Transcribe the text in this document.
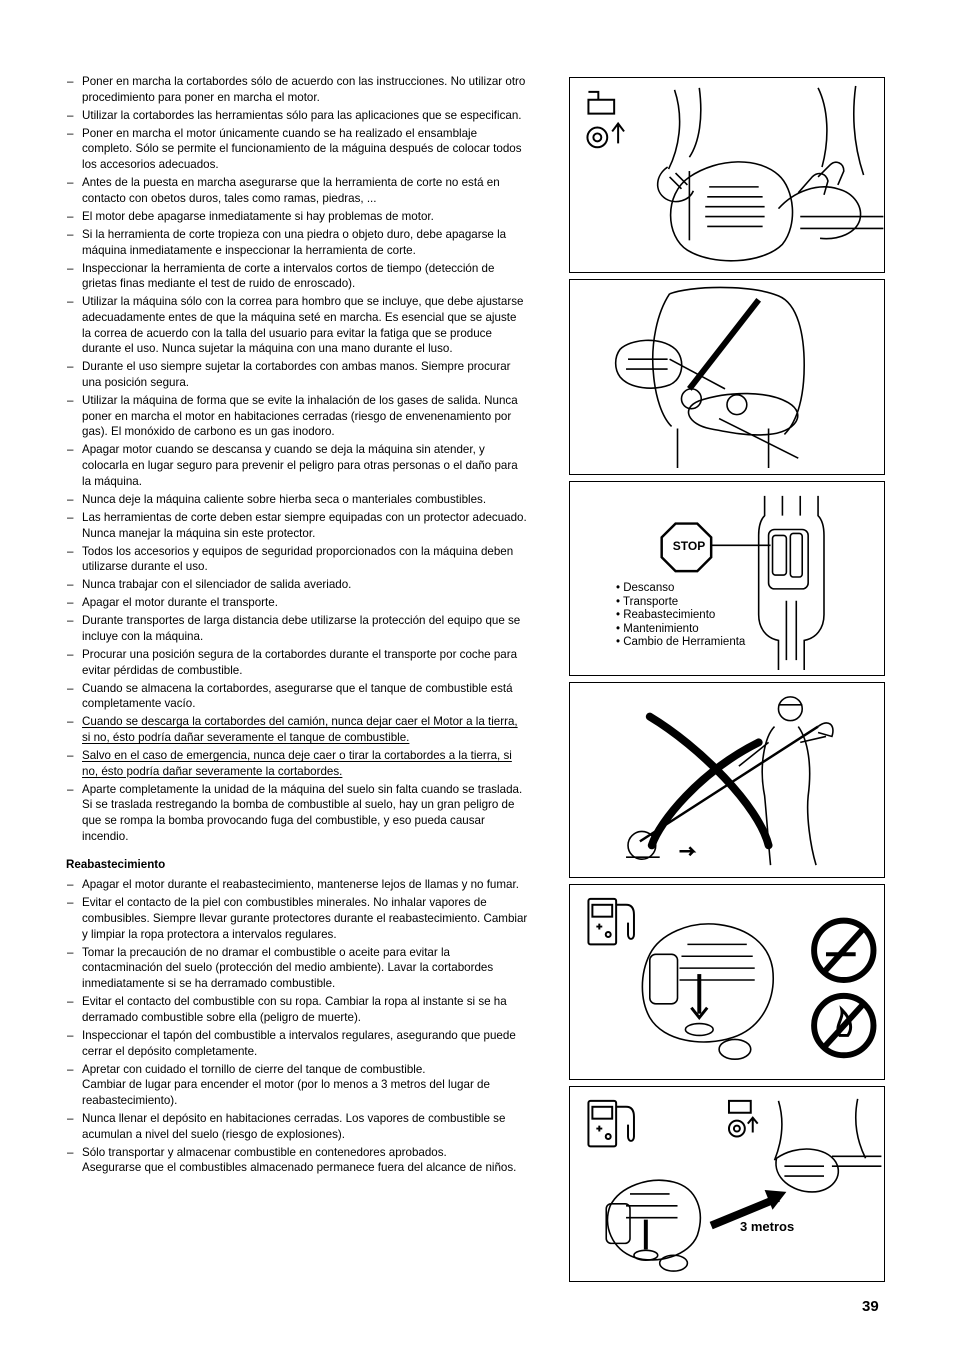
– Poner en marcha la cortabordes sólo de acuerdo con las instrucciones. No utilizar otro procedimiento para poner en marcha el motor.
– Utilizar la cortabordes las herramientas sólo para las aplicaciones que se especifican.
– Poner en marcha el motor únicamente cuando se ha realizado el ensamblaje completo. Sólo se permite el funcionamiento de la máguina después de colocar todos los accesorios adecuados.
– Antes de la puesta en marcha asegurarse que la herramienta de corte no está en contacto con obetos duros, tales como ramas, piedras, ...
– El motor debe apagarse inmediatamente si hay problemas de motor.
– Si la herramienta de corte tropieza con una piedra o objeto duro, debe apagarse la máquina inmediatamente e inspeccionar la herramienta de corte.
– Inspeccionar la herramienta de corte a intervalos cortos de tiempo (detección de grietas finas mediante el test de ruido de enroscado).
– Utilizar la máquina sólo con la correa para hombro que se incluye, que debe ajustarse adecuadamente entes de que la máquina seté en marcha. Es esencial que se ajuste la correa de acuerdo con la talla del usuario para evitar la fatiga que se produce durante el uso. Nunca sujetar la máquina con una mano durante el luso.
– Durante el uso siempre sujetar la cortabordes con ambas manos. Siempre procurar una posición segura.
– Utilizar la máquina de forma que se evite la inhalación de los gases de salida. Nunca poner en marcha el motor en habitaciones cerradas (riesgo de envenenamiento por gas). El monóxido de carbono es un gas inodoro.
– Apagar motor cuando se descansa y cuando se deja la máquina sin atender, y colocarla en lugar seguro para prevenir el peligro para otras personas o el daño para la máquina.
– Nunca deje la máquina caliente sobre hierba seca o manteriales combustibles.
– Las herramientas de corte deben estar siempre equipadas con un protector adecuado. Nunca manejar la máquina sin este protector.
– Todos los accesorios y equipos de seguridad proporcionados con la máquina deben utilizarse durante el uso.
– Nunca trabajar con el silenciador de salida averiado.
– Apagar el motor durante el transporte.
– Durante transportes de larga distancia debe utilizarse la protección del equipo que se incluye con la máquina.
– Procurar una posición segura de la cortabordes durante el transporte por coche para evitar pérdidas de combustible.
– Cuando se almacena la cortabordes, asegurarse que el tanque de combustible está completamente vacío.
– Cuando se descarga la cortabordes del camión, nunca dejar caer el Motor a la tierra, si no, ésto podría dañar severamente el tanque de combustible.
– Salvo en el caso de emergencia, nunca deje caer o tirar la cortabordes a la tierra, si no, ésto podría dañar severamente la cortabordes.
– Aparte completamente la unidad de la máquina del suelo sin falta cuando se traslada.
Si se traslada restregando la bomba de combustible al suelo, hay un gran peligro de que se rompa la bomba provocando fuga del combustible, y eso pueda causar incendio.
Reabastecimiento
– Apagar el motor durante el reabastecimiento, mantenerse lejos de llamas y no fumar.
– Evitar el contacto de la piel con combustibles minerales. No inhalar vapores de combusibles. Siempre llevar gurante protectores durante el reabastecimiento. Cambiar y limpiar la ropa protectora a intervalos regulares.
– Tomar la precaución de no dramar el combustible o aceite para evitar la contacminación del suelo (protección del medio ambiente). Lavar la cortabordes inmediatamente si se ha derramado combustible.
– Evitar el contacto del combustible con su ropa. Cambiar la ropa al instante si se ha derramado combustible sobre ella (peligro de muerte).
– Inspeccionar el tapón del combustible a intervalos regulares, asegurando que puede cerrar el depósito completamente.
– Apretar con cuidado el tornillo de cierre del tanque de combustible.
Cambiar de lugar para encender el motor (por lo menos a 3 metros del lugar de reabastecimiento).
– Nunca llenar el depósito en habitaciones cerradas. Los vapores de combustible se acumulan a nivel del suelo (riesgo de explosiones).
– Sólo transportar y almacenar combustible en contenedores aprobados.
Asegurarse que el combustibles almacenado permanece fuera del alcance de niños.
STOP
• Descanso
• Transporte
• Reabastecimiento
• Mantenimiento
• Cambio de Herramienta
3 metros
39
